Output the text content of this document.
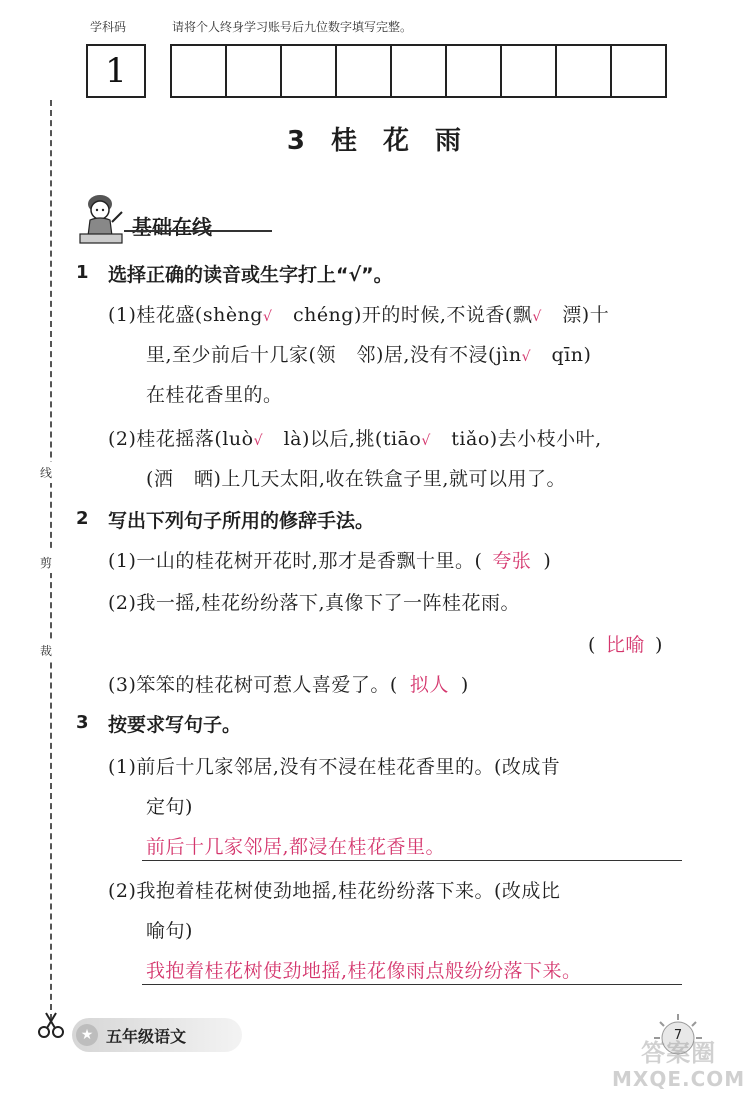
学科码	请将个人终身学习账号后九位数字填写完整。
1
线
剪
裁
3 桂 花 雨
基础在线
1 选择正确的读音或生字打上“√”。
(1)桂花盛(shèng√ chéng)开的时候,不说香(飘√ 漂)十
里,至少前后十几家(领 邻)居,没有不浸(jìn√ qīn)
在桂花香里的。
(2)桂花摇落(luò√ là)以后,挑(tiāo√ tiǎo)去小枝小叶,
(洒 晒)上几天太阳,收在铁盒子里,就可以用了。
2 写出下列句子所用的修辞手法。
(1)一山的桂花树开花时,那才是香飘十里。( 夸张 )
(2)我一摇,桂花纷纷落下,真像下了一阵桂花雨。
( 比喻 )
(3)笨笨的桂花树可惹人喜爱了。( 拟人 )
3 按要求写句子。
(1)前后十几家邻居,没有不浸在桂花香里的。(改成肯
定句)
前后十几家邻居,都浸在桂花香里。
(2)我抱着桂花树使劲地摇,桂花纷纷落下来。(改成比
喻句)
我抱着桂花树使劲地摇,桂花像雨点般纷纷落下来。
★ 五年级语文	7
答案圈
MXQE.COM
